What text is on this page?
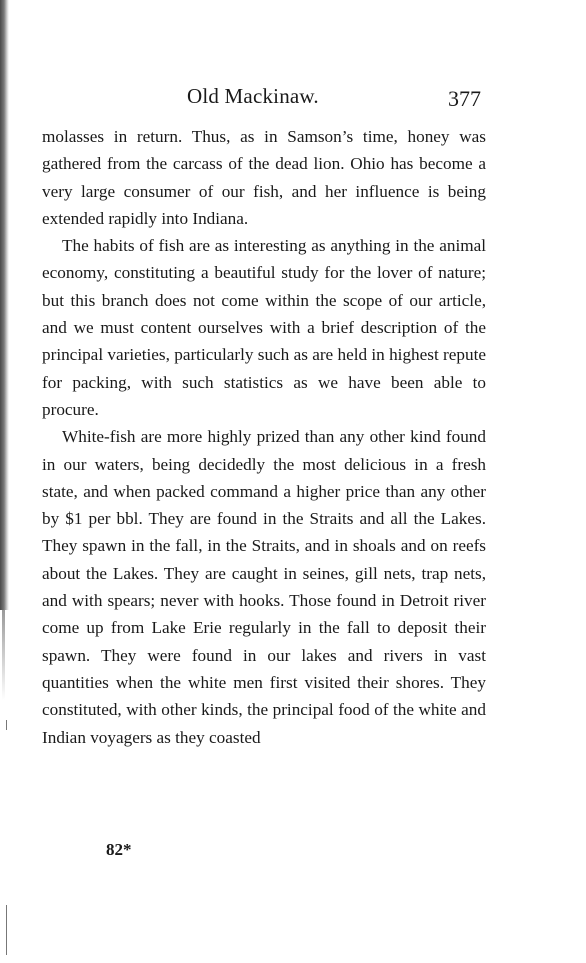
Old Mackinaw.	377

molasses in return. Thus, as in Samson’s time, honey was gathered from the carcass of the dead lion. Ohio has become a very large consumer of our fish, and her influence is being extended rapidly into Indiana.

The habits of fish are as interesting as anything in the animal economy, constituting a beautiful study for the lover of nature; but this branch does not come within the scope of our article, and we must content ourselves with a brief description of the principal varieties, particularly such as are held in highest repute for packing, with such statistics as we have been able to procure.

White-fish are more highly prized than any other kind found in our waters, being decidedly the most delicious in a fresh state, and when packed command a higher price than any other by $1 per bbl. They are found in the Straits and all the Lakes. They spawn in the fall, in the Straits, and in shoals and on reefs about the Lakes. They are caught in seines, gill nets, trap nets, and with spears; never with hooks. Those found in Detroit river come up from Lake Erie regularly in the fall to deposit their spawn. They were found in our lakes and rivers in vast quantities when the white men first visited their shores. They constituted, with other kinds, the principal food of the white and Indian voyagers as they coasted

82*
